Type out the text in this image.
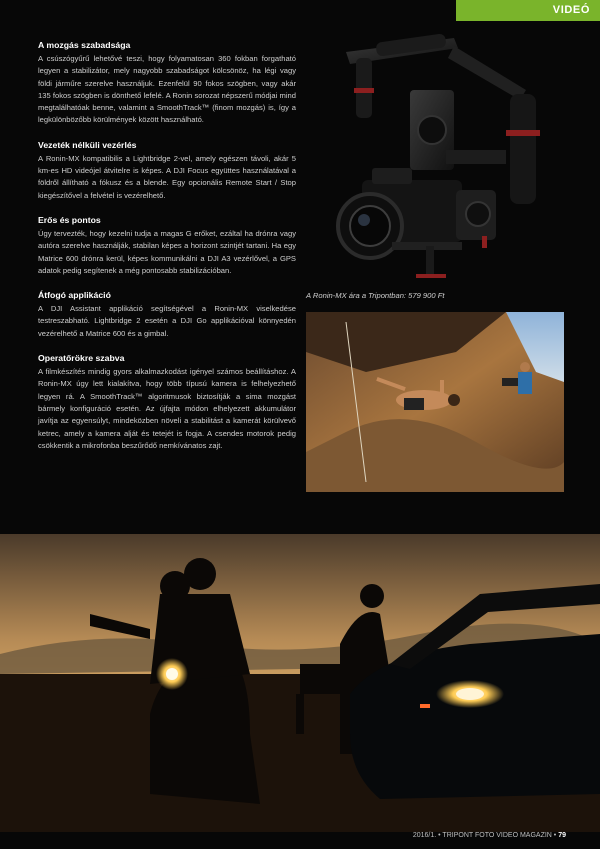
VIDEÓ
A mozgás szabadsága

A csúszógyűrű lehetővé teszi, hogy folyamatosan 360 fokban forgatható legyen a stabilizátor, mely nagyobb szabadságot kölcsönöz, ha légi vagy földi járműre szerelve használjuk. Ezenfelül 90 fokos szögben, vagy akár 135 fokos szögben is dönthető lefelé. A Ronin sorozat népszerű módjai mind megtalálhatóak benne, valamint a SmoothTrack™ (finom mozgás) is, így a legkülönbözőbb körülmények között használható.

Vezeték nélküli vezérlés

A Ronin-MX kompatibilis a Lightbridge 2-vel, amely egészen távoli, akár 5 km-es HD videójel átvitelre is képes. A DJI Focus együttes használatával a földről állítható a fókusz és a blende. Egy opcionális Remote Start / Stop kiegészítővel a felvétel is vezérelhető.

Erős és pontos

Úgy tervezték, hogy kezelni tudja a magas G erőket, ezáltal ha drónra vagy autóra szerelve használják, stabilan képes a horizont szintjét tartani. Ha egy Matrice 600 drónra kerül, képes kommunikálni a DJI A3 vezérlővel, a GPS adatok pedig segítenek a még pontosabb stabilizációban.

Átfogó applikáció

A DJI Assistant applikáció segítségével a Ronin-MX viselkedése testreszabható. Lightbridge 2 esetén a DJI Go applikációval könnyedén vezérelhető a Matrice 600 és a gimbal.

Operatőrökre szabva

A filmkészítés mindig gyors alkalmazkodást igényel számos beállításhoz. A Ronin-MX úgy lett kialakítva, hogy több típusú kamera is felhelyezhető legyen rá. A SmoothTrack™ algoritmusok biztosítják a sima mozgást bármely konfiguráció esetén. Az újfajta módon elhelyezett akkumulátor javítja az egyensúlyt, mindeközben növeli a stabilitást a kamerát körülvevő ketrec, amely a kamera alját és tetejét is fogja. A csendes motorok pedig csökkentik a mikrofonba beszűrődő nemkívánatos zajt.

A Ronin-MX ára a Tripontban: 579 900 Ft
2016/1. • TRIPONT FOTO VIDEO MAGAZIN • 79
